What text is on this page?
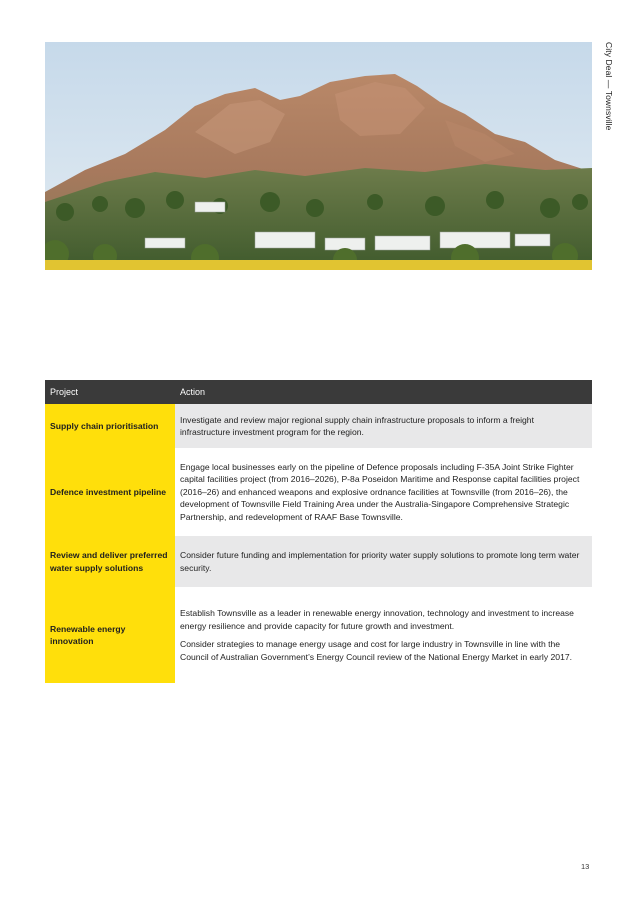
City Deal — Townsville
Project	Action
Supply chain prioritisation	Investigate and review major regional supply chain infrastructure proposals to inform a freight infrastructure investment program for the region.

Defence investment pipeline	Engage local businesses early on the pipeline of Defence proposals including F-35A Joint Strike Fighter capital facilities project (from 2016–2026), P-8a Poseidon Maritime and Response capital facilities project (2016–26) and enhanced weapons and explosive ordnance facilities at Townsville (from 2016–26), the development of Townsville Field Training Area under the Australia-Singapore Comprehensive Strategic Partnership, and redevelopment of RAAF Base Townsville.

Review and deliver preferred water supply solutions	Consider future funding and implementation for priority water supply solutions to promote long term water security.

Renewable energy innovation	Establish Townsville as a leader in renewable energy innovation, technology and investment to increase energy resilience and provide capacity for future growth and investment.

Consider strategies to manage energy usage and cost for large industry in Townsville in line with the Council of Australian Government’s Energy Council review of the National Energy Market in early 2017.

13
